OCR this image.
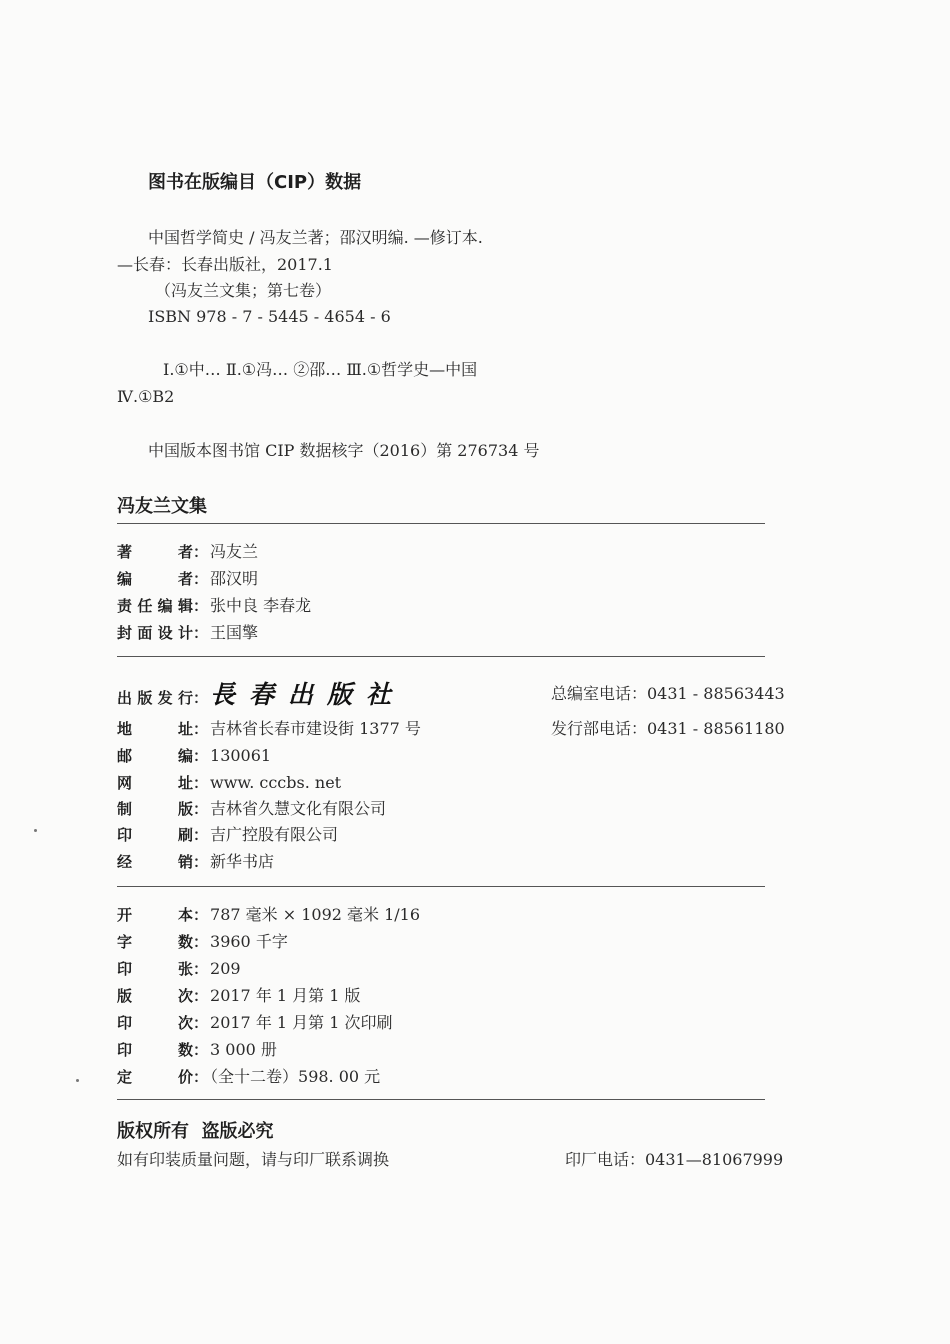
图书在版编目（CIP）数据
中国哲学简史 / 冯友兰著；邵汉明编. —修订本.
—长春：长春出版社，2017.1
（冯友兰文集；第七卷）
ISBN 978 - 7 - 5445 - 4654 - 6
Ⅰ.①中… Ⅱ.①冯… ②邵… Ⅲ.①哲学史—中国
Ⅳ.①B2
中国版本图书馆 CIP 数据核字（2016）第 276734 号
冯友兰文集
著者： 冯友兰
编者： 邵汉明
责任编辑： 张中良 李春龙
封面设计： 王国擎
出版发行：長春出版社	总编室电话：0431 - 88563443
发行部电话：0431 - 88561180
地址： 吉林省长春市建设街 1377 号
邮编： 130061
网址： www. cccbs. net
制版： 吉林省久慧文化有限公司
印刷： 吉广控股有限公司
经销： 新华书店
开本： 787 毫米 × 1092 毫米 1/16
字数： 3960 千字
印张： 209
版次： 2017 年 1 月第 1 版
印次： 2017 年 1 月第 1 次印刷
印数： 3 000 册
定价： （全十二卷）598. 00 元
版权所有  盗版必究
如有印装质量问题，请与印厂联系调换	印厂电话：0431—81067999
